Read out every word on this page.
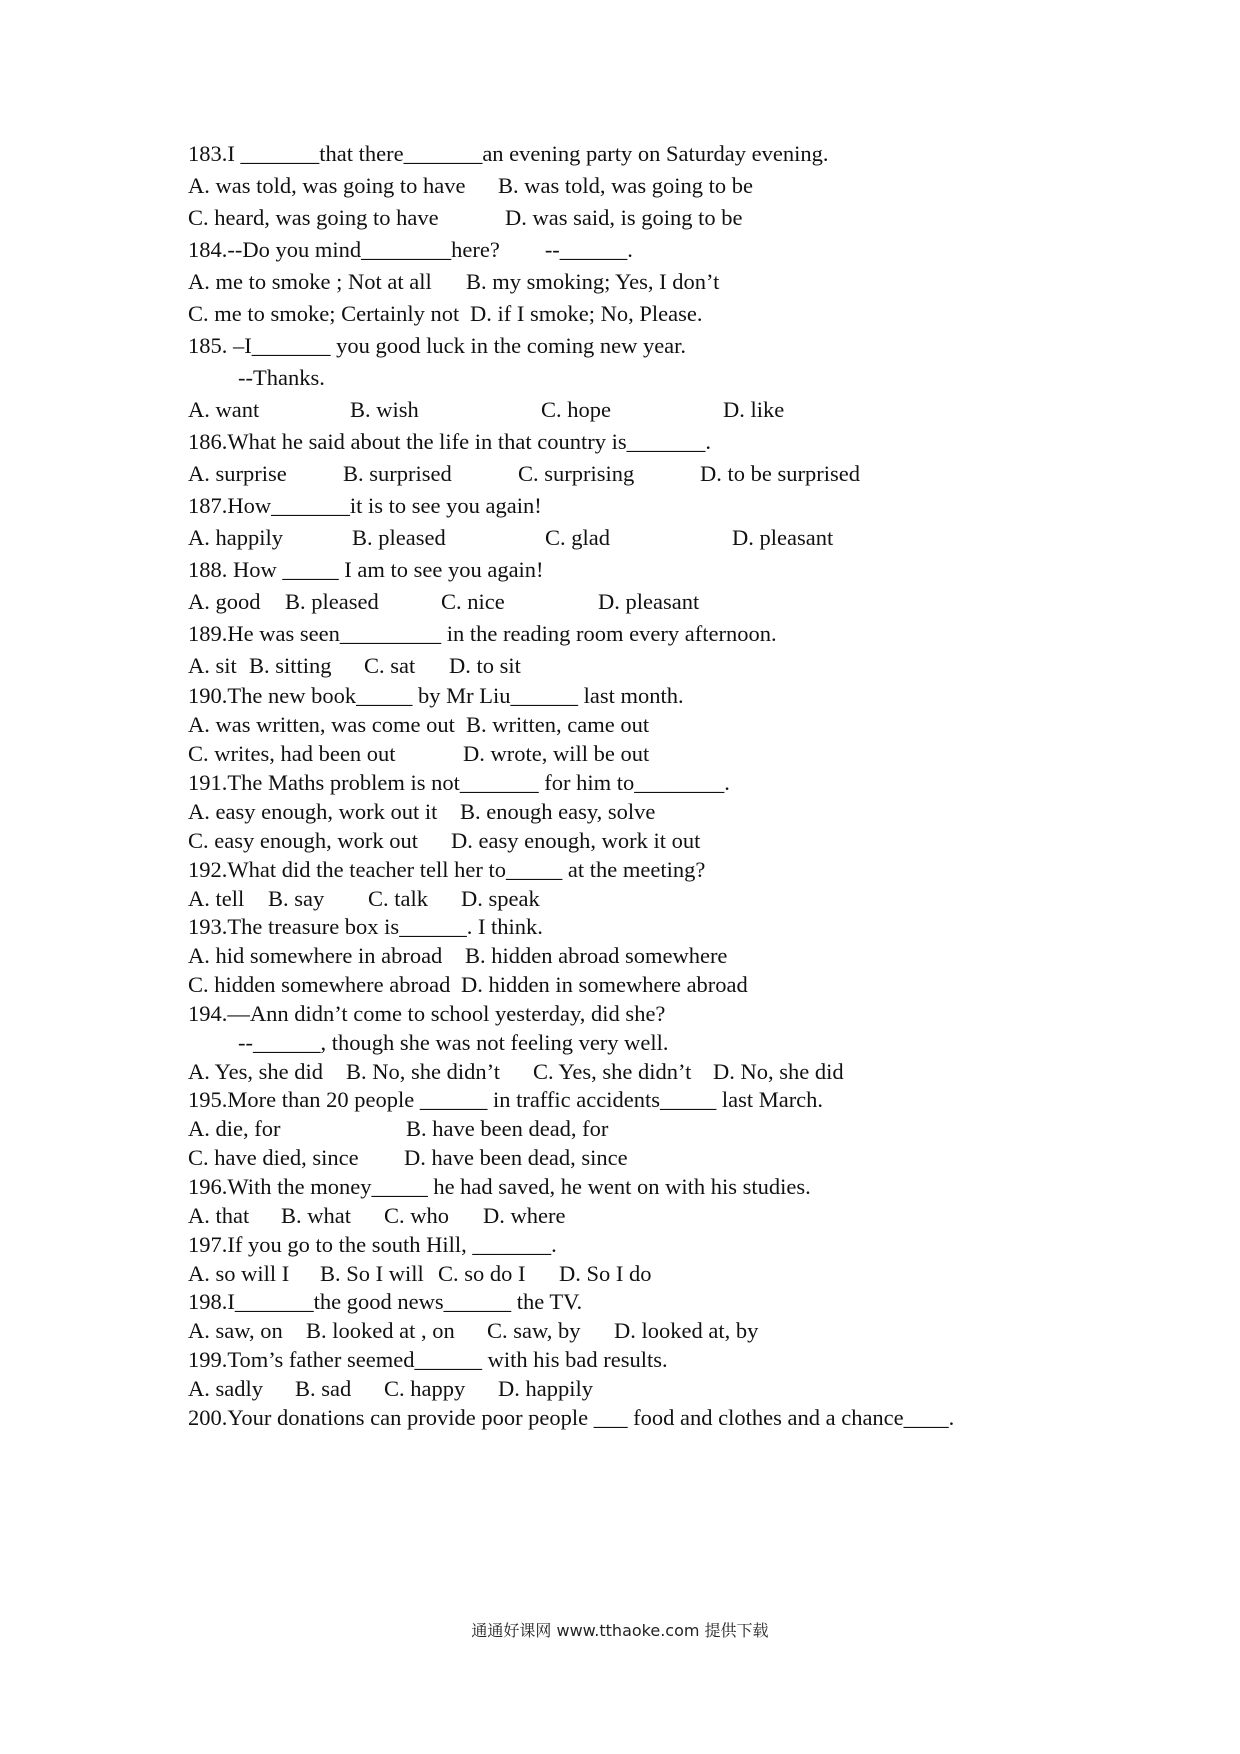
183.I _______that there_______an evening party on Saturday evening.
A. was told, was going to have B. was told, was going to be
C. heard, was going to have	D. was said, is going to be
184.--Do you mind________here?        --______.
A. me to smoke ; Not at all B. my smoking; Yes, I don’t
C. me to smoke; Certainly not D. if I smoke; No, Please.
185. –I_______ you good luck in the coming new year.
--Thanks.
A. want	B. wish	C. hope	D. like
186.What he said about the life in that country is_______.
A. surprise	B. surprised	C. surprising	D. to be surprised
187.How_______it is to see you again!
A. happily	B. pleased	C. glad	D. pleasant
188. How _____ I am to see you again!
A. good B. pleased	C. nice	D. pleasant
189.He was seen_________ in the reading room every afternoon.
A. sit B. sitting C. sat D. to sit
190.The new book_____ by Mr Liu______ last month.
A. was written, was come out B. written, came out
C. writes, had been out	D. wrote, will be out
191.The Maths problem is not_______ for him to________.
A. easy enough, work out it B. enough easy, solve
C. easy enough, work out D. easy enough, work it out
192.What did the teacher tell her to_____ at the meeting?
A. tell B. say C. talk D. speak
193.The treasure box is______. I think.
A. hid somewhere in abroad B. hidden abroad somewhere
C. hidden somewhere abroad D. hidden in somewhere abroad
194.—Ann didn’t come to school yesterday, did she?
--______, though she was not feeling very well.
A. Yes, she did B. No, she didn’t C. Yes, she didn’t D. No, she did
195.More than 20 people ______ in traffic accidents_____ last March.
A. die, for	B. have been dead, for
C. have died, since D. have been dead, since
196.With the money_____ he had saved, he went on with his studies.
A. that B. what C. who D. where
197.If you go to the south Hill, _______.
A. so will I B. So I will C. so do I D. So I do
198.I_______the good news______ the TV.
A. saw, on B. looked at , on C. saw, by D. looked at, by
199.Tom’s father seemed______ with his bad results.
A. sadly B. sad C. happy D. happily
200.Your donations can provide poor people ___ food and clothes and a chance____.
通通好课网 www.tthaoke.com 提供下载
